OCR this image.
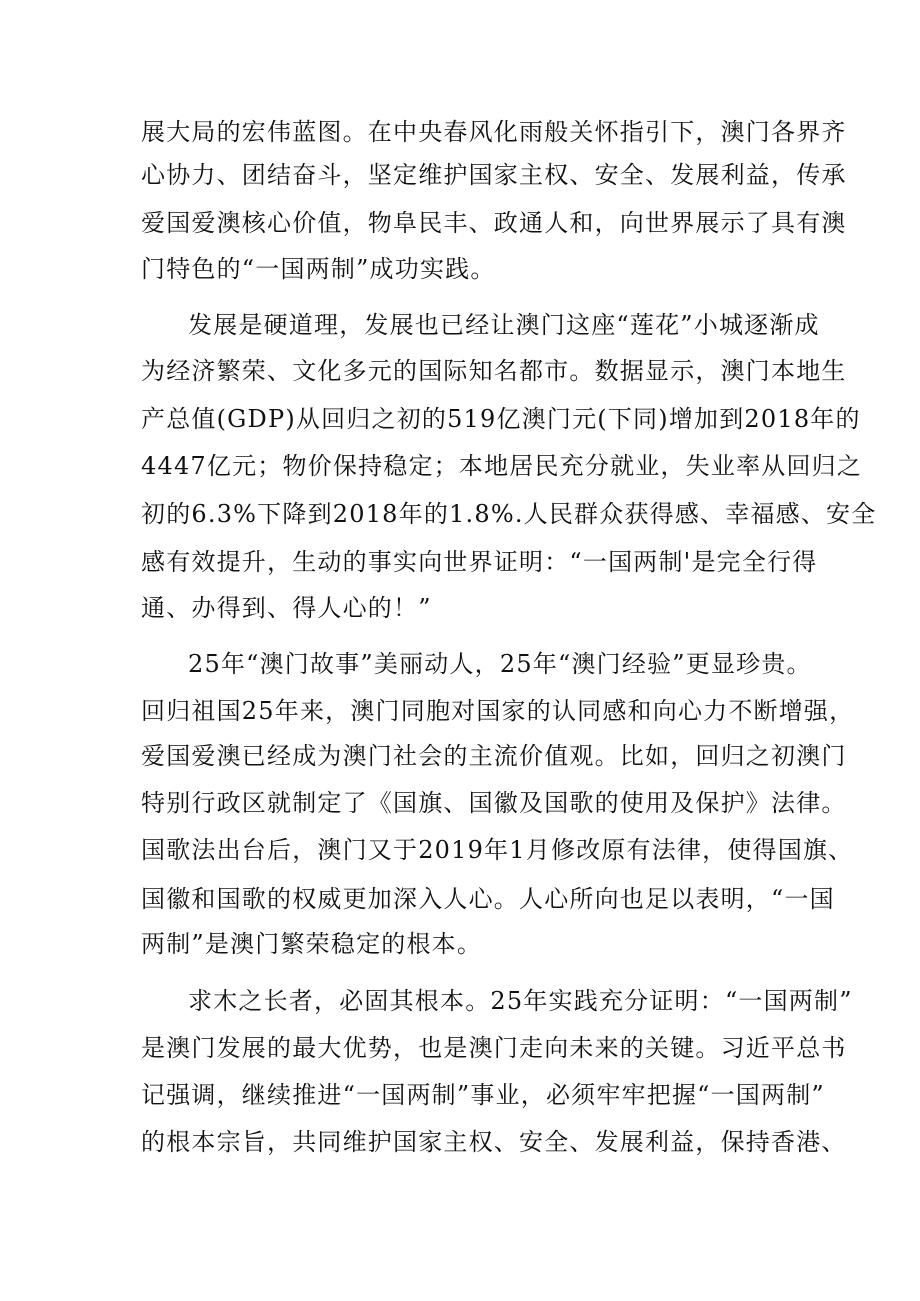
展大局的宏伟蓝图。在中央春风化雨般关怀指引下，澳门各界齐
心协力、团结奋斗，坚定维护国家主权、安全、发展利益，传承
爱国爱澳核心价值，物阜民丰、政通人和，向世界展示了具有澳
门特色的“一国两制”成功实践。
发展是硬道理，发展也已经让澳门这座“莲花”小城逐渐成
为经济繁荣、文化多元的国际知名都市。数据显示，澳门本地生
产总值(GDP)从回归之初的519亿澳门元(下同)增加到2018年的
4447亿元；物价保持稳定；本地居民充分就业，失业率从回归之
初的6.3%下降到2018年的1.8%.人民群众获得感、幸福感、安全
感有效提升，生动的事实向世界证明：“一国两制'是完全行得
通、办得到、得人心的！”
25年“澳门故事”美丽动人，25年“澳门经验”更显珍贵。
回归祖国25年来，澳门同胞对国家的认同感和向心力不断增强，
爱国爱澳已经成为澳门社会的主流价值观。比如，回归之初澳门
特别行政区就制定了《国旗、国徽及国歌的使用及保护》法律。
国歌法出台后，澳门又于2019年1月修改原有法律，使得国旗、
国徽和国歌的权威更加深入人心。人心所向也足以表明，“一国
两制”是澳门繁荣稳定的根本。
求木之长者，必固其根本。25年实践充分证明：“一国两制”
是澳门发展的最大优势，也是澳门走向未来的关键。习近平总书
记强调，继续推进“一国两制”事业，必须牢牢把握“一国两制”
的根本宗旨，共同维护国家主权、安全、发展利益，保持香港、
